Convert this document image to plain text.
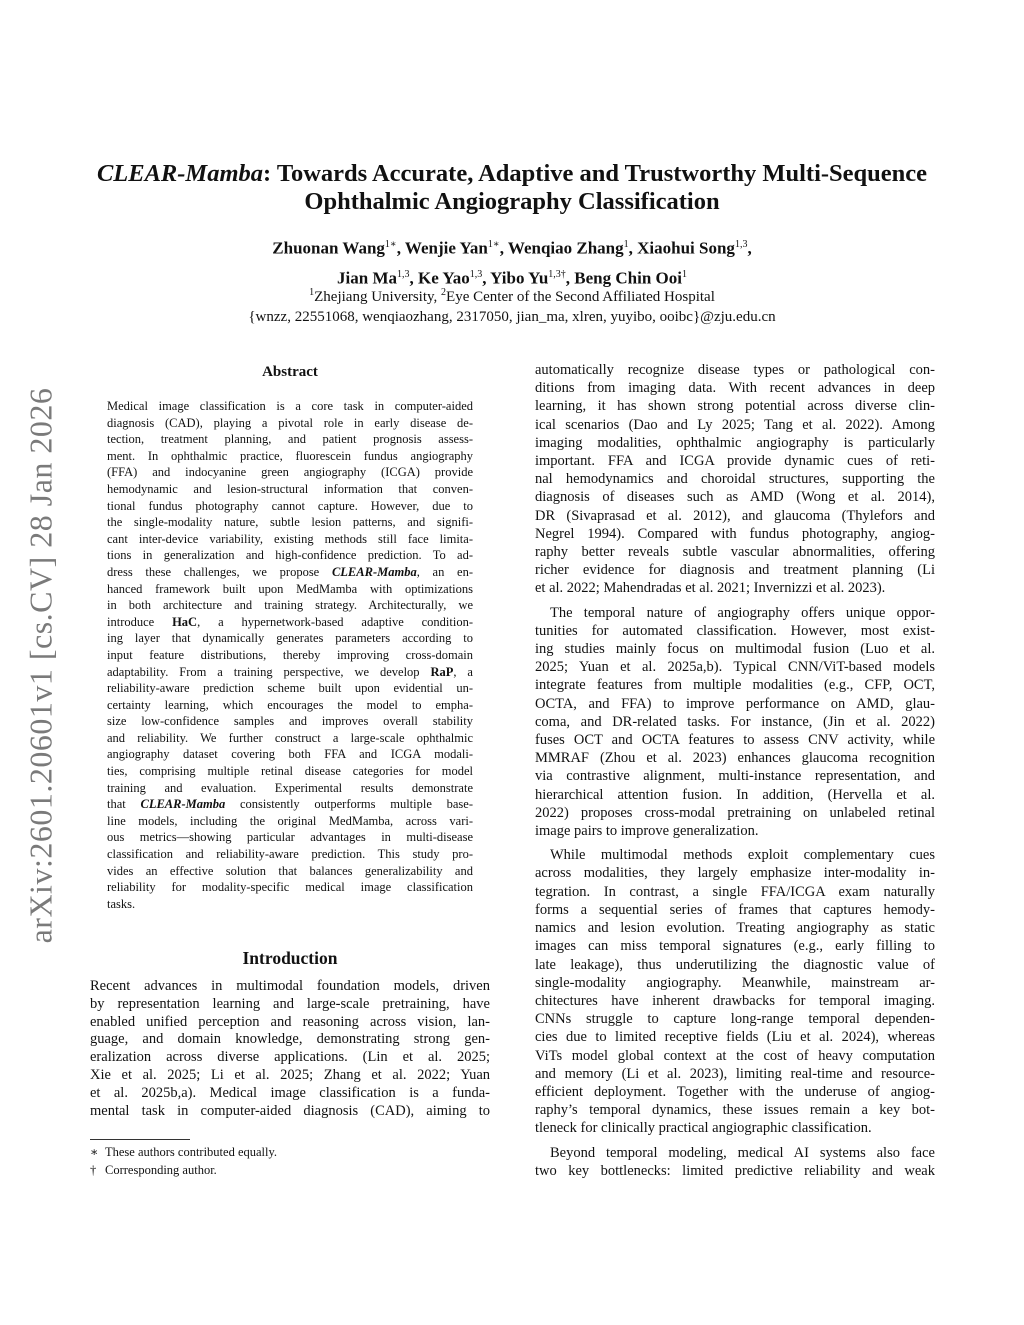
arXiv:2601.20601v1 [cs.CV] 28 Jan 2026
CLEAR-Mamba: Towards Accurate, Adaptive and Trustworthy Multi-Sequence
Ophthalmic Angiography Classification
Zhuonan Wang$^{1∗}$, Wenjie Yan$^{1∗}$, Wenqiao Zhang$^1$, Xiaohui Song$^{1,3}$,
Jian Ma$^{1,3}$, Ke Yao$^{1,3}$, Yibo $Yu^{1,3\dagger}$, Beng Chin Ooi$^1$
$^1$Zhejiang University, $^2$Eye Center of the Second Affiliated Hospital
{wnzz, 22551068, wenqiaozhang, 2317050, jian_ma, xlren, yuyibo, ooibc}@zju.edu.cn
Abstract
Medical image classification is a core task in computer-aided
diagnosis (CAD), playing a pivotal role in early disease de-
tection, treatment planning, and patient prognosis assess-
ment. In ophthalmic practice, fluorescein fundus angiography
(FFA) and indocyanine green angiography (ICGA) provide
hemodynamic and lesion-structural information that conven-
tional fundus photography cannot capture. However, due to
the single-modality nature, subtle lesion patterns, and signifi-
cant inter-device variability, existing methods still face limita-
tions in generalization and high-confidence prediction. To ad-
dress these challenges, we propose CLEAR-Mamba, an en-
hanced framework built upon MedMamba with optimizations
in both architecture and training strategy. Architecturally, we
introduce HaC, a hypernetwork-based adaptive condition-
ing layer that dynamically generates parameters according to
input feature distributions, thereby improving cross-domain
adaptability. From a training perspective, we develop RaP, a
reliability-aware prediction scheme built upon evidential un-
certainty learning, which encourages the model to empha-
size low-confidence samples and improves overall stability
and reliability. We further construct a large-scale ophthalmic
angiography dataset covering both FFA and ICGA modali-
ties, comprising multiple retinal disease categories for model
training and evaluation. Experimental results demonstrate
that CLEAR-Mamba consistently outperforms multiple base-
line models, including the original MedMamba, across vari-
ous metrics—showing particular advantages in multi-disease
classification and reliability-aware prediction. This study pro-
vides an effective solution that balances generalizability and
reliability for modality-specific medical image classification
tasks.
Introduction
Recent advances in multimodal foundation models, driven
by representation learning and large-scale pretraining, have
enabled unified perception and reasoning across vision, lan-
guage, and domain knowledge, demonstrating strong gen-
eralization across diverse applications. (Lin et al. 2025;
Xie et al. 2025; Li et al. 2025; Zhang et al. 2022; Yuan
et al. 2025b,a). Medical image classification is a funda-
mental task in computer-aided diagnosis (CAD), aiming to
automatically recognize disease types or pathological con-
ditions from imaging data. With recent advances in deep
learning, it has shown strong potential across diverse clin-
ical scenarios (Dao and Ly 2025; Tang et al. 2022). Among
imaging modalities, ophthalmic angiography is particularly
important. FFA and ICGA provide dynamic cues of reti-
nal hemodynamics and choroidal structures, supporting the
diagnosis of diseases such as AMD (Wong et al. 2014),
DR (Sivaprasad et al. 2012), and glaucoma (Thylefors and
Negrel 1994). Compared with fundus photography, angiog-
raphy better reveals subtle vascular abnormalities, offering
richer evidence for diagnosis and treatment planning (Li
et al. 2022; Mahendradas et al. 2021; Invernizzi et al. 2023).
The temporal nature of angiography offers unique oppor-
tunities for automated classification. However, most exist-
ing studies mainly focus on multimodal fusion (Luo et al.
2025; Yuan et al. 2025a,b). Typical CNN/ViT-based models
integrate features from multiple modalities (e.g., CFP, OCT,
OCTA, and FFA) to improve performance on AMD, glau-
coma, and DR-related tasks. For instance, (Jin et al. 2022)
fuses OCT and OCTA features to assess CNV activity, while
MMRAF (Zhou et al. 2023) enhances glaucoma recognition
via contrastive alignment, multi-instance representation, and
hierarchical attention fusion. In addition, (Hervella et al.
2022) proposes cross-modal pretraining on unlabeled retinal
image pairs to improve generalization.
While multimodal methods exploit complementary cues
across modalities, they largely emphasize inter-modality in-
tegration. In contrast, a single FFA/ICGA exam naturally
forms a sequential series of frames that captures hemody-
namics and lesion evolution. Treating angiography as static
images can miss temporal signatures (e.g., early filling to
late leakage), thus underutilizing the diagnostic value of
single-modality angiography. Meanwhile, mainstream ar-
chitectures have inherent drawbacks for temporal imaging.
CNNs struggle to capture long-range temporal dependen-
cies due to limited receptive fields (Liu et al. 2024), whereas
ViTs model global context at the cost of heavy computation
and memory (Li et al. 2023), limiting real-time and resource-
efficient deployment. Together with the underuse of angiog-
raphy’s temporal dynamics, these issues remain a key bot-
tleneck for clinically practical angiographic classification.
Beyond temporal modeling, medical AI systems also face
two key bottlenecks: limited predictive reliability and weak
∗ These authors contributed equally.
† Corresponding author.
